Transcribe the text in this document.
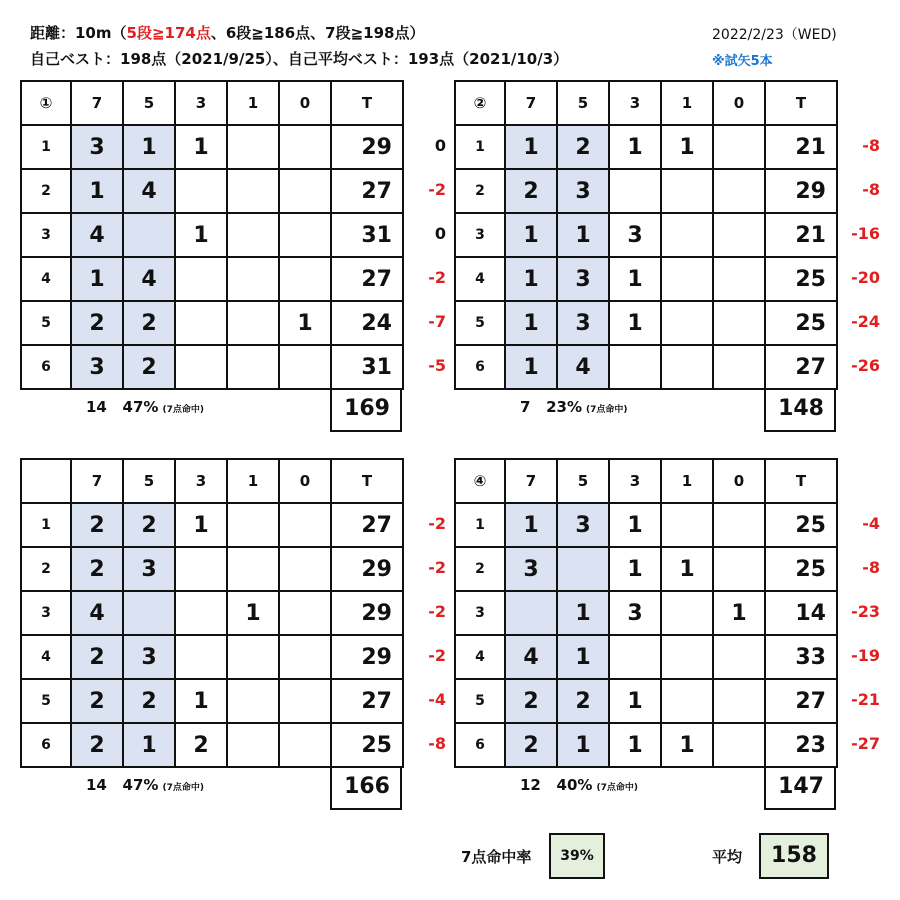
距離：10m（5段≧174点、6段≧186点、7段≧198点）
自己ベスト：198点（2021/9/25）、自己平均ベスト：193点（2021/10/3）
2022/2/23（WED)
※試矢5本
0
-2
0
-2
-7
-5
①	7	5	3	1	0	T
1	3	1	1			29
2	1	4				27
3	4		1			31
4	1	4				27
5	2	2			1	24
6	3	2				31
14 47% (7点命中)	169
-8
-8
-16
-20
-24
-26
②	7	5	3	1	0	T
1	1	2	1	1		21
2	2	3				29
3	1	1	3			21
4	1	3	1			25
5	1	3	1			25
6	1	4				27
7 23% (7点命中)	148
-2
-2
-2
-2
-4
-8
	7	5	3	1	0	T
1	2	2	1			27
2	2	3				29
3	4			1		29
4	2	3				29
5	2	2	1			27
6	2	1	2			25
14 47% (7点命中)	166
-4
-8
-23
-19
-21
-27
④	7	5	3	1	0	T
1	1	3	1			25
2	3		1	1		25
3		1	3		1	14
4	4	1				33
5	2	2	1			27
6	2	1	1	1		23
12 40% (7点命中)	147
7点命中率	39%	平均	158
